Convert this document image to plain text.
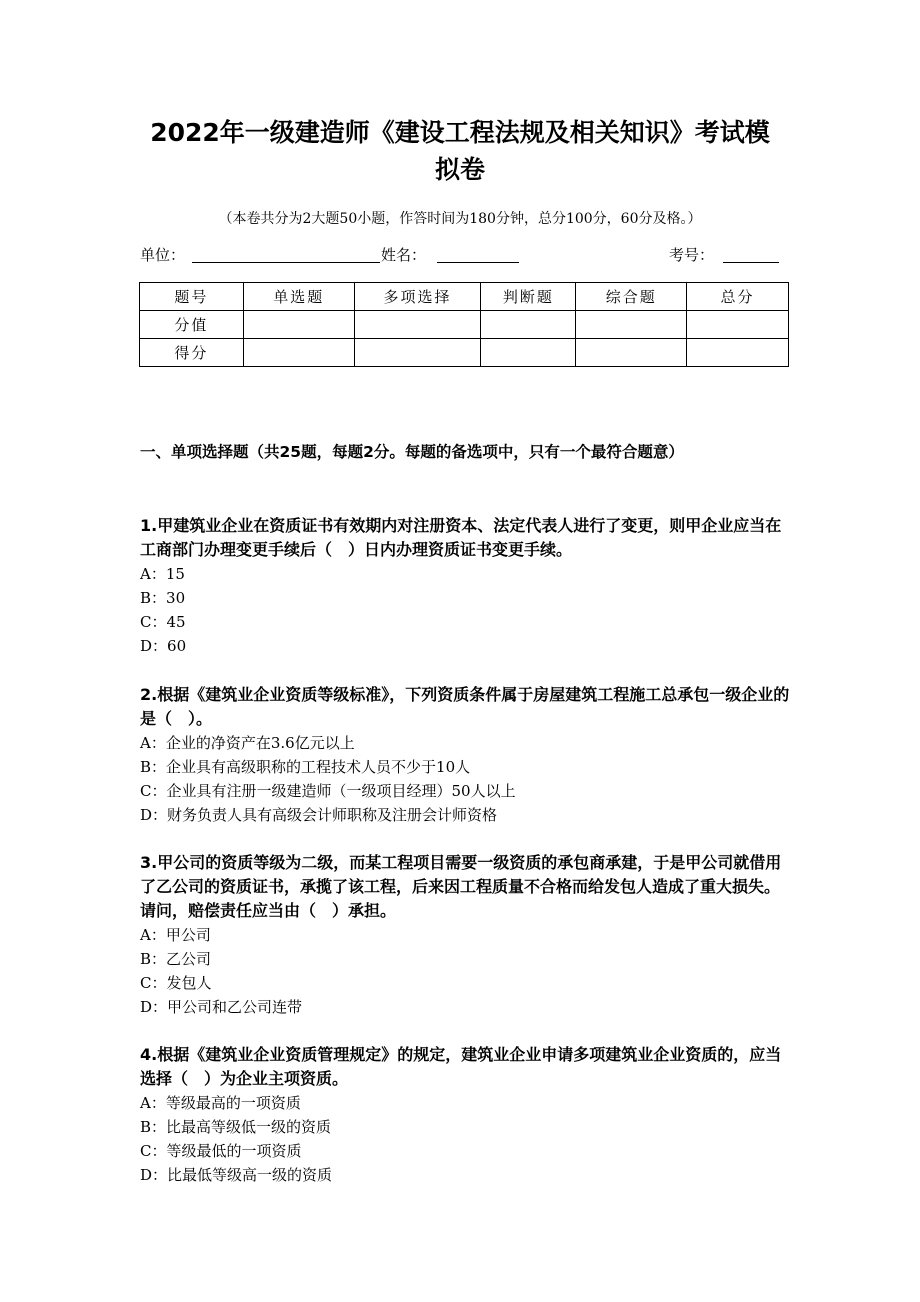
2022年一级建造师《建设工程法规及相关知识》考试模拟卷
（本卷共分为2大题50小题，作答时间为180分钟，总分100分，60分及格。）
单位：	姓名：	考号：
题号	单选题	多项选择	判断题	综合题	总分
分值					
得分					
一、单项选择题（共25题，每题2分。每题的备选项中，只有一个最符合题意）

1.甲建筑业企业在资质证书有效期内对注册资本、法定代表人进行了变更，则甲企业应当在工商部门办理变更手续后（　）日内办理资质证书变更手续。

A：15

B：30

C：45

D：60

2.根据《建筑业企业资质等级标准》，下列资质条件属于房屋建筑工程施工总承包一级企业的是（　）。

A：企业的净资产在3.6亿元以上

B：企业具有高级职称的工程技术人员不少于10人

C：企业具有注册一级建造师（一级项目经理）50人以上

D：财务负责人具有高级会计师职称及注册会计师资格

3.甲公司的资质等级为二级，而某工程项目需要一级资质的承包商承建，于是甲公司就借用了乙公司的资质证书，承揽了该工程，后来因工程质量不合格而给发包人造成了重大损失。请问，赔偿责任应当由（　）承担。

A：甲公司

B：乙公司

C：发包人

D：甲公司和乙公司连带

4.根据《建筑业企业资质管理规定》的规定，建筑业企业申请多项建筑业企业资质的，应当选择（　）为企业主项资质。

A：等级最高的一项资质

B：比最高等级低一级的资质

C：等级最低的一项资质

D：比最低等级高一级的资质
